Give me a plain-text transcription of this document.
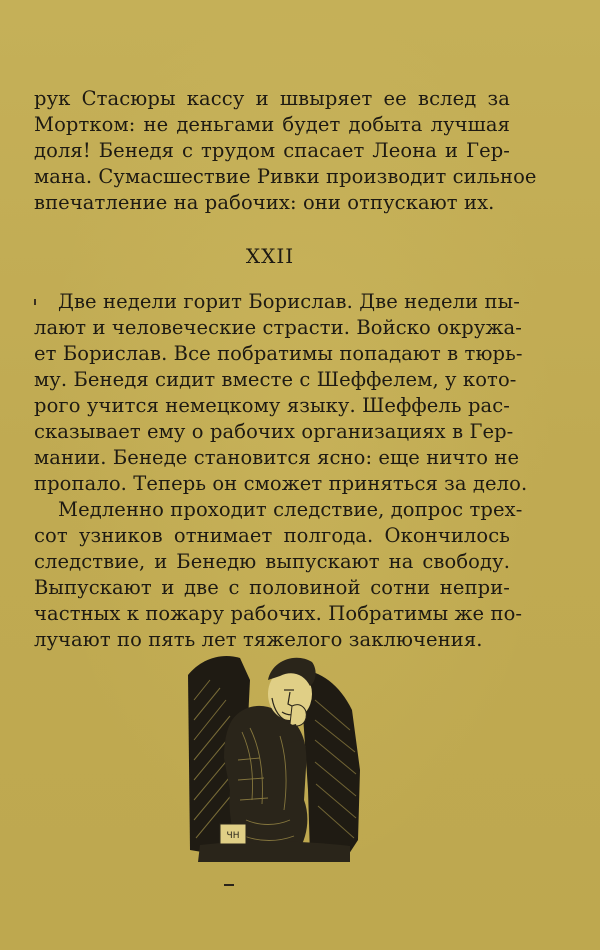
рук Стасюры кассу и швыряет ее вслед за
Мортком: не деньгами будет добыта лучшая
доля! Бенедя с трудом спасает Леона и Гер-
мана. Сумасшествие Ривки производит сильное
впечатление на рабочих: они отпускают их.
XXII
Две недели горит Борислав. Две недели пы-
лают и человеческие страсти. Войско окружа-
ет Борислав. Все побратимы попадают в тюрь-
му. Бенедя сидит вместе с Шеффелем, у кото-
рого учится немецкому языку. Шеффель рас-
сказывает ему о рабочих организациях в Гер-
мании. Бенеде становится ясно: еще ничто не
пропало. Теперь он сможет приняться за дело.
Медленно проходит следствие, допрос трех-
сот узников отнимает полгода. Окончилось
следствие, и Бенедю выпускают на свободу.
Выпускают и две с половиной сотни непри-
частных к пожару рабочих. Побратимы же по-
лучают по пять лет тяжелого заключения.
ЧН
